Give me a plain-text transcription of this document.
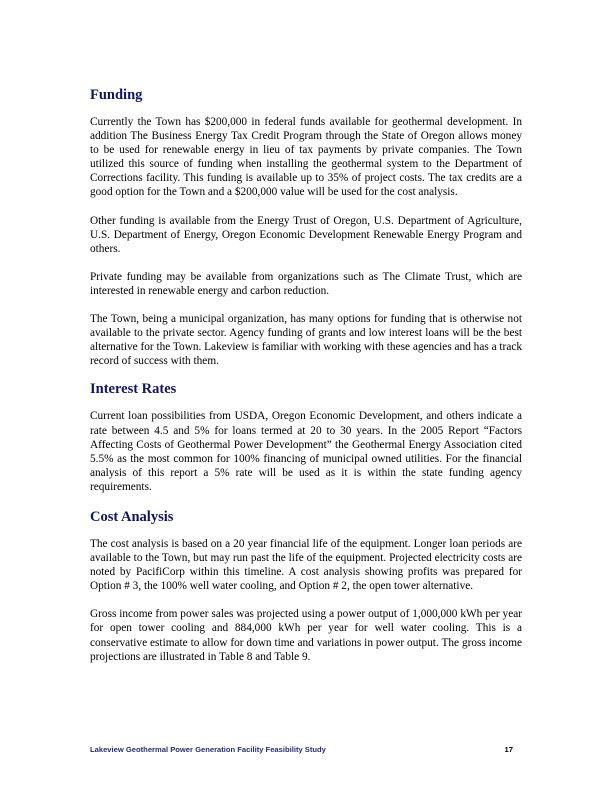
Funding

Currently the Town has $200,000 in federal funds available for geothermal development. In addition The Business Energy Tax Credit Program through the State of Oregon allows money to be used for renewable energy in lieu of tax payments by private companies. The Town utilized this source of funding when installing the geothermal system to the Department of Corrections facility. This funding is available up to 35% of project costs. The tax credits are a good option for the Town and a $200,000 value will be used for the cost analysis.

Other funding is available from the Energy Trust of Oregon, U.S. Department of Agriculture, U.S. Department of Energy, Oregon Economic Development Renewable Energy Program and others.

Private funding may be available from organizations such as The Climate Trust, which are interested in renewable energy and carbon reduction.

The Town, being a municipal organization, has many options for funding that is otherwise not available to the private sector. Agency funding of grants and low interest loans will be the best alternative for the Town. Lakeview is familiar with working with these agencies and has a track record of success with them.

Interest Rates

Current loan possibilities from USDA, Oregon Economic Development, and others indicate a rate between 4.5 and 5% for loans termed at 20 to 30 years. In the 2005 Report “Factors Affecting Costs of Geothermal Power Development” the Geothermal Energy Association cited 5.5% as the most common for 100% financing of municipal owned utilities. For the financial analysis of this report a 5% rate will be used as it is within the state funding agency requirements.

Cost Analysis

The cost analysis is based on a 20 year financial life of the equipment. Longer loan periods are available to the Town, but may run past the life of the equipment. Projected electricity costs are noted by PacifiCorp within this timeline. A cost analysis showing profits was prepared for Option # 3, the 100% well water cooling, and Option # 2, the open tower alternative.

Gross income from power sales was projected using a power output of 1,000,000 kWh per year for open tower cooling and 884,000 kWh per year for well water cooling. This is a conservative estimate to allow for down time and variations in power output. The gross income projections are illustrated in Table 8 and Table 9.

Lakeview Geothermal Power Generation Facility Feasibility Study	17
